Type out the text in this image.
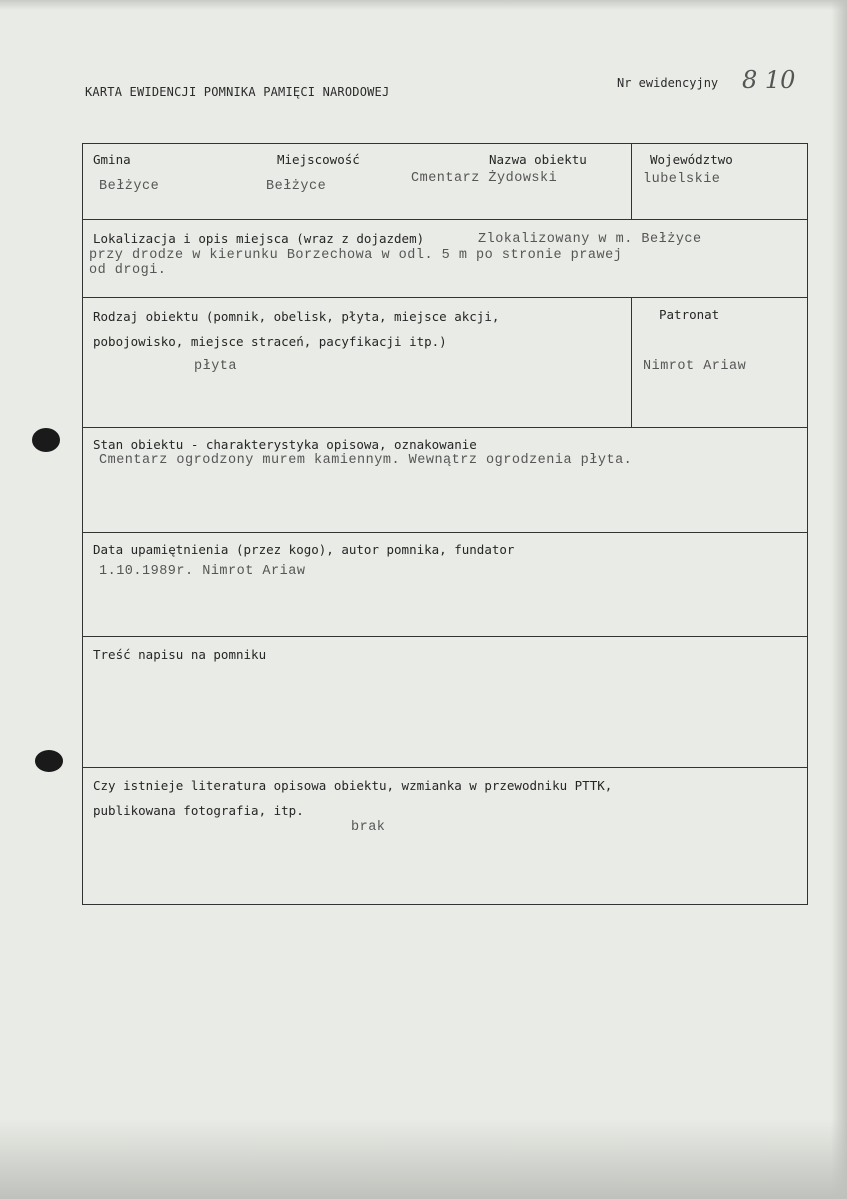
KARTA EWIDENCJI POMNIKA PAMIĘCI NARODOWEJ
Nr ewidencyjny 8 10
Gmina
Bełżyce
Miejscowość
Bełżyce
Nazwa obiektu
Cmentarz Żydowski
Województwo
lubelskie
Lokalizacja i opis miejsca (wraz z dojazdem)	Zlokalizowany w m. Bełżyce
przy drodze w kierunku Borzechowa w odl. 5 m po stronie prawej
od drogi.
Rodzaj obiektu (pomnik, obelisk, płyta, miejsce akcji,
pobojowisko, miejsce straceń, pacyfikacji itp.)
płyta
Patronat
Nimrot Ariaw
Stan obiektu - charakterystyka opisowa, oznakowanie
Cmentarz ogrodzony murem kamiennym. Wewnątrz ogrodzenia płyta.
Data upamiętnienia (przez kogo), autor pomnika, fundator
1.10.1989r. Nimrot Ariaw
Treść napisu na pomniku
Czy istnieje literatura opisowa obiektu, wzmianka w przewodniku PTTK,
publikowana fotografia, itp.
brak
